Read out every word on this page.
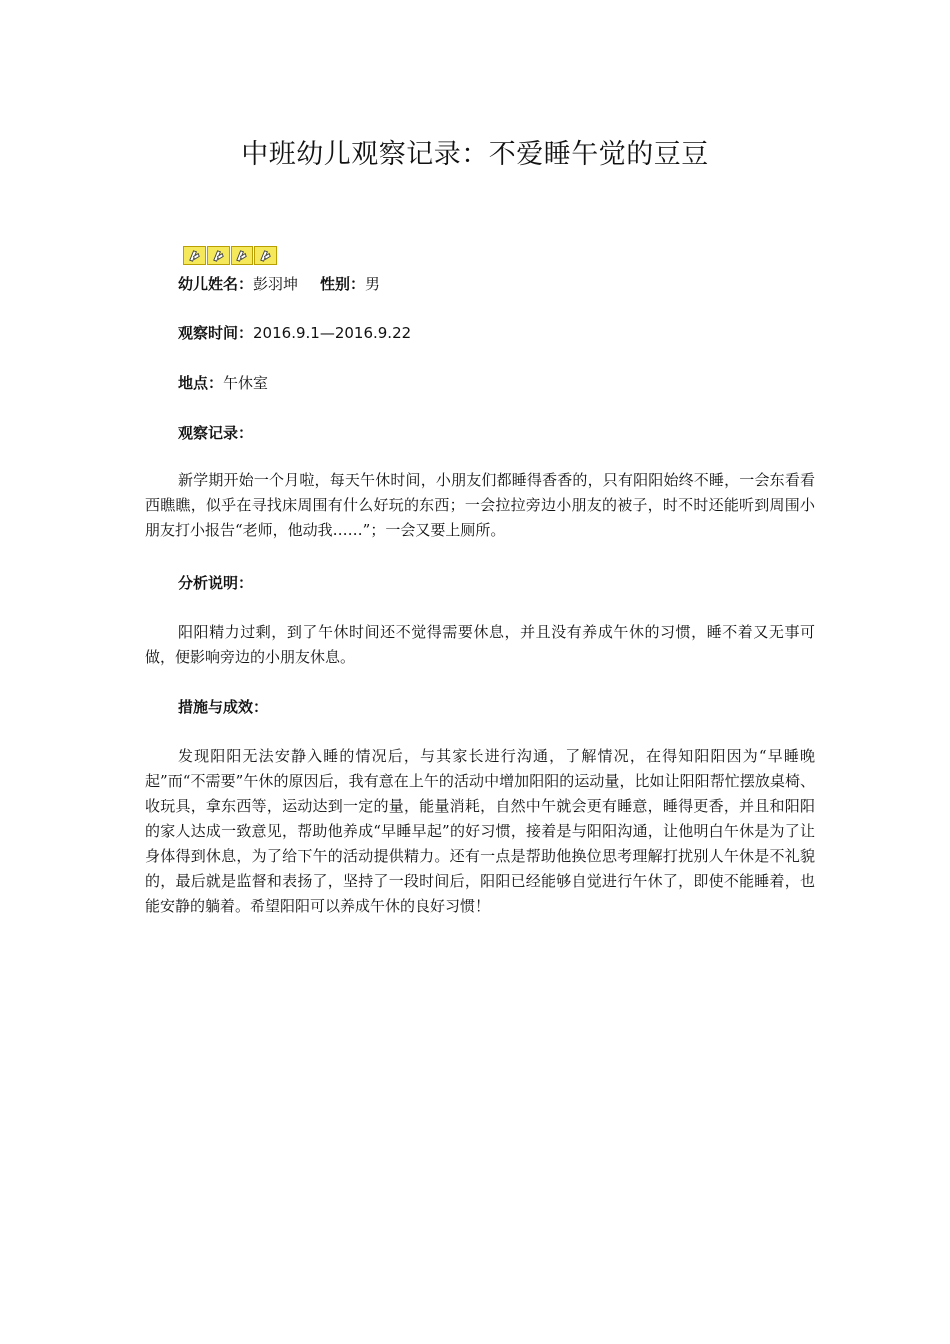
中班幼儿观察记录：不爱睡午觉的豆豆
幼儿姓名：彭羽坤 性别：男
观察时间：2016.9.1—2016.9.22
地点：午休室
观察记录：

新学期开始一个月啦，每天午休时间，小朋友们都睡得香香的，只有阳阳始终不睡，一会东看看西瞧瞧，似乎在寻找床周围有什么好玩的东西；一会拉拉旁边小朋友的被子，时不时还能听到周围小朋友打小报告“老师，他动我……”；一会又要上厕所。

分析说明：

阳阳精力过剩，到了午休时间还不觉得需要休息，并且没有养成午休的习惯，睡不着又无事可做，便影响旁边的小朋友休息。

措施与成效：

发现阳阳无法安静入睡的情况后，与其家长进行沟通，了解情况，在得知阳阳因为“早睡晚起”而“不需要”午休的原因后，我有意在上午的活动中增加阳阳的运动量，比如让阳阳帮忙摆放桌椅、收玩具，拿东西等，运动达到一定的量，能量消耗，自然中午就会更有睡意，睡得更香，并且和阳阳的家人达成一致意见，帮助他养成“早睡早起”的好习惯，接着是与阳阳沟通，让他明白午休是为了让身体得到休息，为了给下午的活动提供精力。还有一点是帮助他换位思考理解打扰别人午休是不礼貌的，最后就是监督和表扬了，坚持了一段时间后，阳阳已经能够自觉进行午休了，即使不能睡着，也能安静的躺着。希望阳阳可以养成午休的良好习惯！
